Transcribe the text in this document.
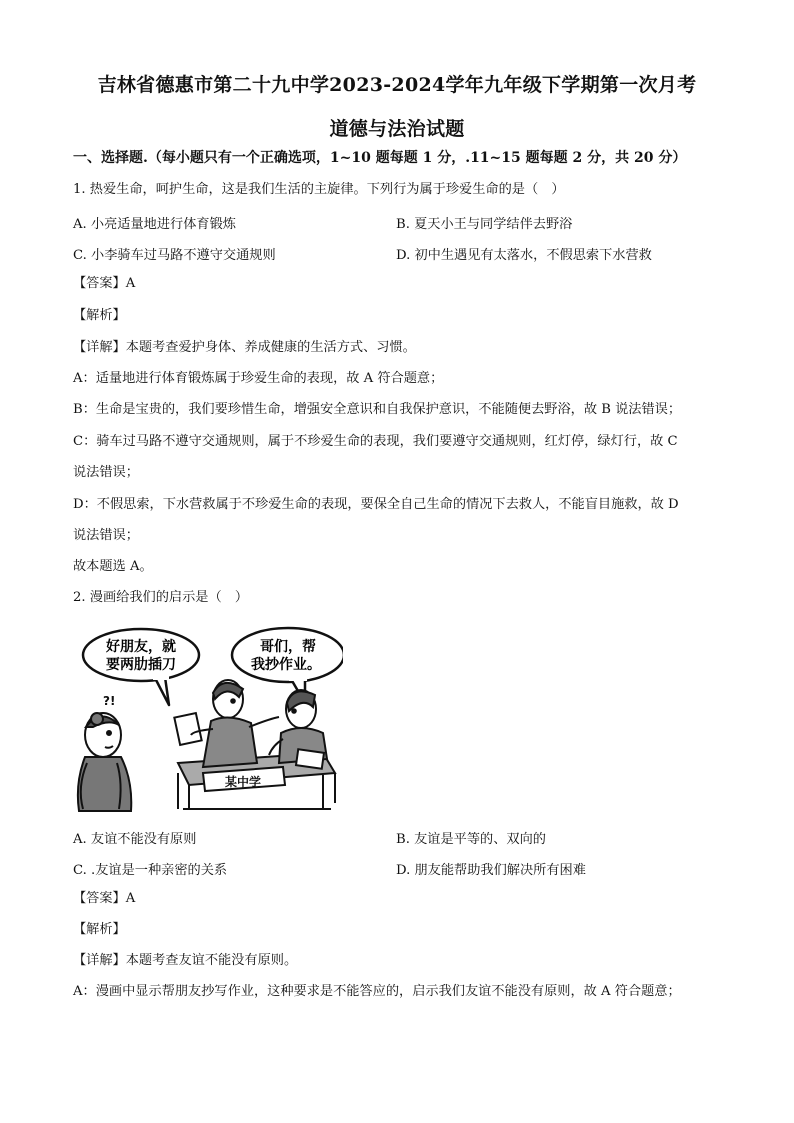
吉林省德惠市第二十九中学2023-2024学年九年级下学期第一次月考
道德与法治试题
一、选择题.（每小题只有一个正确选项，1~10 题每题 1 分，.11~15 题每题 2 分，共 20 分）
1. 热爱生命，呵护生命，这是我们生活的主旋律。下列行为属于珍爱生命的是（　）
A. 小亮适量地进行体育锻炼	B. 夏天小王与同学结伴去野浴
C. 小李骑车过马路不遵守交通规则	D. 初中生遇见有太落水，不假思索下水营救
【答案】A
【解析】
【详解】本题考查爱护身体、养成健康的生活方式、习惯。
A：适量地进行体育锻炼属于珍爱生命的表现，故 A 符合题意；
B：生命是宝贵的，我们要珍惜生命，增强安全意识和自我保护意识，不能随便去野浴，故 B 说法错误；
C：骑车过马路不遵守交通规则，属于不珍爱生命的表现，我们要遵守交通规则，红灯停，绿灯行，故 C
说法错误；
D：不假思索，下水营救属于不珍爱生命的表现，要保全自己生命的情况下去救人，不能盲目施救，故 D
说法错误；
故本题选 A。
2. 漫画给我们的启示是（　）
好朋友，就
要两肋插刀
哥们，帮
我抄作业。
?!
某中学
A. 友谊不能没有原则	B. 友谊是平等的、双向的
C. .友谊是一种亲密的关系	D. 朋友能帮助我们解决所有困难
【答案】A
【解析】
【详解】本题考查友谊不能没有原则。
A：漫画中显示帮朋友抄写作业，这种要求是不能答应的，启示我们友谊不能没有原则，故 A 符合题意；
